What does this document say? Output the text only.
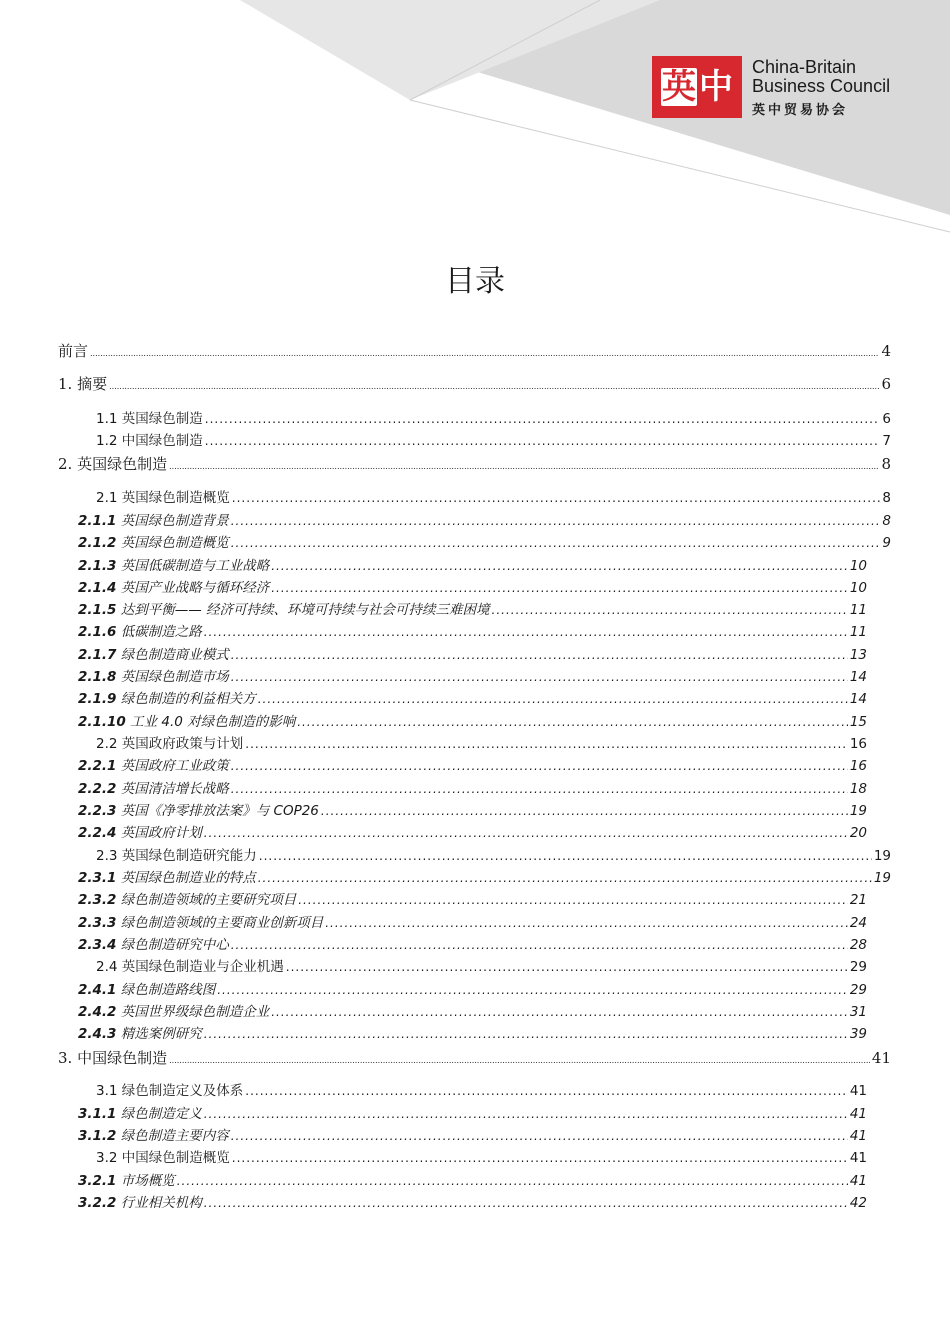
英 中 China-Britain
Business Council
英中贸易协会
目录
前言 .....	4
1. 摘要 .....	6
1.1 英国绿色制造 .....	6
1.2 中国绿色制造 .....	7
2. 英国绿色制造 .....	8
2.1 英国绿色制造概览 .....	8
2.1.1 英国绿色制造背景 .....	8
2.1.2 英国绿色制造概览 .....	9
2.1.3 英国低碳制造与工业战略 .....	10
2.1.4 英国产业战略与循环经济 .....	10
2.1.5 达到平衡—— 经济可持续、环境可持续与社会可持续三难困境 .....	11
2.1.6 低碳制造之路 .....	11
2.1.7 绿色制造商业模式 .....	13
2.1.8 英国绿色制造市场 .....	14
2.1.9 绿色制造的利益相关方 .....	14
2.1.10 工业 4.0 对绿色制造的影响 .....	15
2.2 英国政府政策与计划 .....	16
2.2.1 英国政府工业政策 .....	16
2.2.2 英国清洁增长战略 .....	18
2.2.3 英国《净零排放法案》与 COP26 .....	19
2.2.4 英国政府计划 .....	20
2.3 英国绿色制造研究能力 .....	19
2.3.1 英国绿色制造业的特点 .....	19
2.3.2 绿色制造领域的主要研究项目 .....	21
2.3.3 绿色制造领域的主要商业创新项目 .....	24
2.3.4 绿色制造研究中心 .....	28
2.4 英国绿色制造业与企业机遇 .....	29
2.4.1 绿色制造路线图 .....	29
2.4.2 英国世界级绿色制造企业 .....	31
2.4.3 精选案例研究 .....	39
3. 中国绿色制造 .....	41
3.1 绿色制造定义及体系 .....	41
3.1.1 绿色制造定义 .....	41
3.1.2 绿色制造主要内容 .....	41
3.2 中国绿色制造概览 .....	41
3.2.1 市场概览 .....	41
3.2.2 行业相关机构 .....	42
